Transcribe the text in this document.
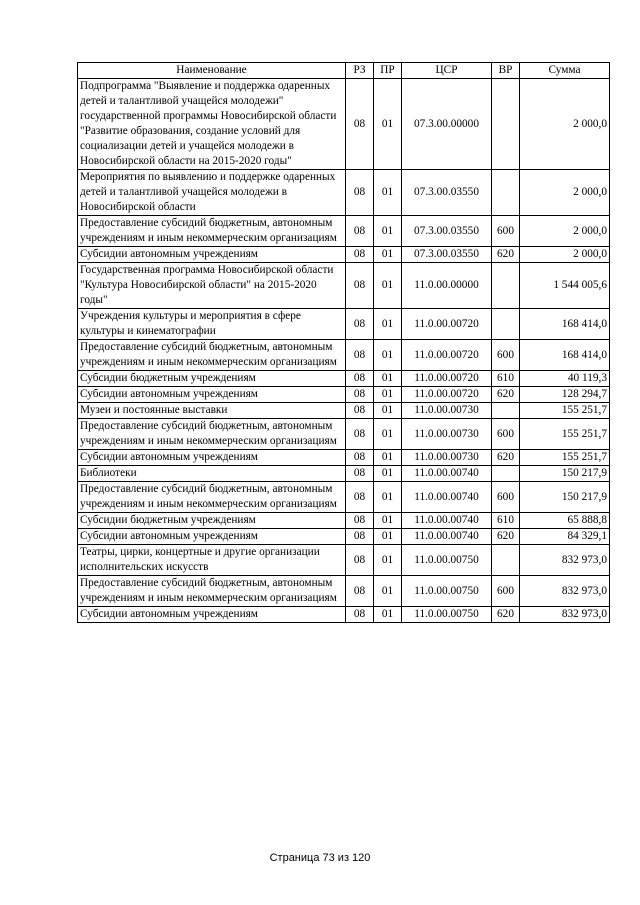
Наименование	РЗ	ПР	ЦСР	ВР	Сумма
Подпрограмма "Выявление и поддержка одаренных детей и талантливой учащейся молодежи" государственной программы Новосибирской области "Развитие образования, создание условий для социализации детей и учащейся молодежи в Новосибирской области на 2015-2020 годы"	08	01	07.3.00.00000		2 000,0
Мероприятия по выявлению и поддержке одаренных детей и талантливой учащейся молодежи в Новосибирской области	08	01	07.3.00.03550		2 000,0
Предоставление субсидий бюджетным, автономным учреждениям и иным некоммерческим организациям	08	01	07.3.00.03550	600	2 000,0
Субсидии автономным учреждениям	08	01	07.3.00.03550	620	2 000,0
Государственная программа Новосибирской области "Культура Новосибирской области" на 2015-2020 годы"	08	01	11.0.00.00000		1 544 005,6
Учреждения культуры и мероприятия в сфере культуры и кинематографии	08	01	11.0.00.00720		168 414,0
Предоставление субсидий бюджетным, автономным учреждениям и иным некоммерческим организациям	08	01	11.0.00.00720	600	168 414,0
Субсидии бюджетным учреждениям	08	01	11.0.00.00720	610	40 119,3
Субсидии автономным учреждениям	08	01	11.0.00.00720	620	128 294,7
Музеи и постоянные выставки	08	01	11.0.00.00730		155 251,7
Предоставление субсидий бюджетным, автономным учреждениям и иным некоммерческим организациям	08	01	11.0.00.00730	600	155 251,7
Субсидии автономным учреждениям	08	01	11.0.00.00730	620	155 251,7
Библиотеки	08	01	11.0.00.00740		150 217,9
Предоставление субсидий бюджетным, автономным учреждениям и иным некоммерческим организациям	08	01	11.0.00.00740	600	150 217,9
Субсидии бюджетным учреждениям	08	01	11.0.00.00740	610	65 888,8
Субсидии автономным учреждениям	08	01	11.0.00.00740	620	84 329,1
Театры, цирки, концертные и другие организации исполнительских искусств	08	01	11.0.00.00750		832 973,0
Предоставление субсидий бюджетным, автономным учреждениям и иным некоммерческим организациям	08	01	11.0.00.00750	600	832 973,0
Субсидии автономным учреждениям	08	01	11.0.00.00750	620	832 973,0
Страница 73 из 120
